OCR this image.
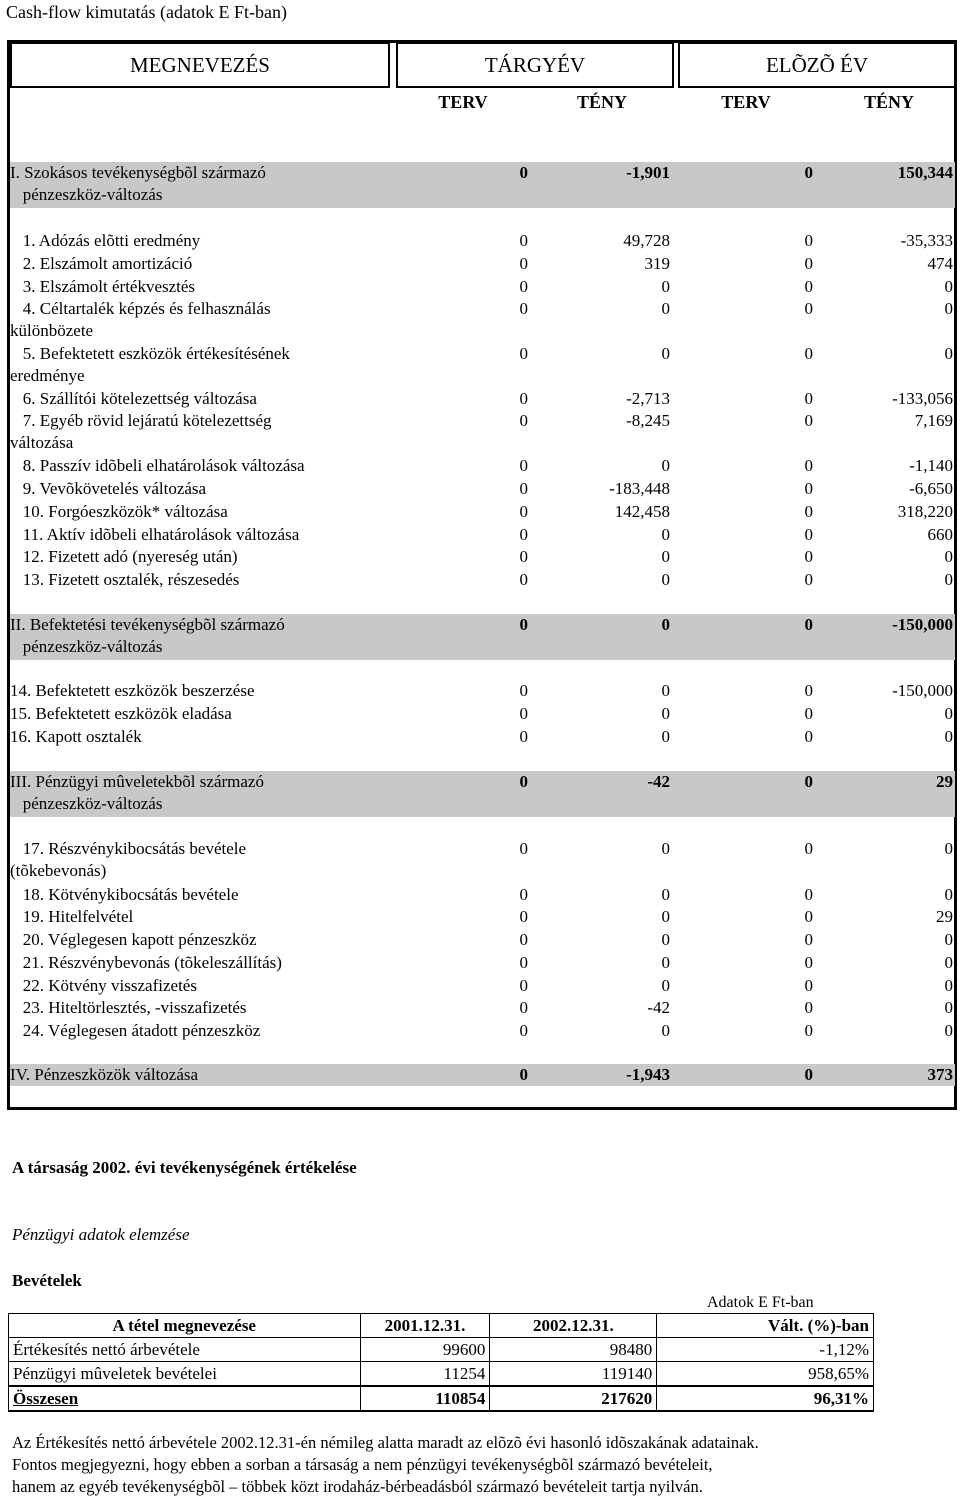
Cash-flow kimutatás (adatok E Ft-ban)
MEGNEVEZÉS	TÁRGYÉV	ELÕZÕ ÉV
TERV	TÉNY	TERV	TÉNY
I. Szokásos tevékenységbõl származó
pénzeszköz-változás
0	-1,901	0	150,344
1. Adózás elõtti eredmény	0	49,728	0	-35,333
2. Elszámolt amortizáció	0	319	0	474
3. Elszámolt értékvesztés	0	0	0	0
4. Céltartalék képzés és felhasználás
különbözete
0	0	0	0
5. Befektetett eszközök értékesítésének
eredménye
0	0	0	0
6. Szállítói kötelezettség változása	0	-2,713	0	-133,056
7. Egyéb rövid lejáratú kötelezettség
változása
0	-8,245	0	7,169
8. Passzív idõbeli elhatárolások változása	0	0	0	-1,140
9. Vevõkövetelés változása	0	-183,448	0	-6,650
10. Forgóeszközök* változása	0	142,458	0	318,220
11. Aktív idõbeli elhatárolások változása	0	0	0	660
12. Fizetett adó (nyereség után)	0	0	0	0
13. Fizetett osztalék, részesedés	0	0	0	0
II. Befektetési tevékenységbõl származó
pénzeszköz-változás
0	0	0	-150,000
14. Befektetett eszközök beszerzése	0	0	0	-150,000
15. Befektetett eszközök eladása	0	0	0	0
16. Kapott osztalék	0	0	0	0
III. Pénzügyi mûveletekbõl származó
pénzeszköz-változás
0	-42	0	29
17. Részvénykibocsátás bevétele
(tõkebevonás)
0	0	0	0
18. Kötvénykibocsátás bevétele	0	0	0	0
19. Hitelfelvétel	0	0	0	29
20. Véglegesen kapott pénzeszköz	0	0	0	0
21. Részvénybevonás (tõkeleszállítás)	0	0	0	0
22. Kötvény visszafizetés	0	0	0	0
23. Hiteltörlesztés, -visszafizetés	0	-42	0	0
24. Véglegesen átadott pénzeszköz	0	0	0	0
IV. Pénzeszközök változása	0	-1,943	0	373
A társaság 2002. évi tevékenységének értékelése
Pénzügyi adatok elemzése
Bevételek
Adatok E Ft-ban
A tétel megnevezése	2001.12.31.	2002.12.31.	Vált. (%)-ban
Értékesítés nettó árbevétele	99600	98480	-1,12%
Pénzügyi mûveletek bevételei	11254	119140	958,65%
Összesen	110854	217620	96,31%
Az Értékesítés nettó árbevétele 2002.12.31-én némileg alatta maradt az elõzõ évi hasonló idõszakának adatainak.
Fontos megjegyezni, hogy ebben a sorban a társaság a nem pénzügyi tevékenységbõl származó bevételeit,
hanem az egyéb tevékenységbõl – többek közt irodaház-bérbeadásból származó bevételeit tartja nyilván.
